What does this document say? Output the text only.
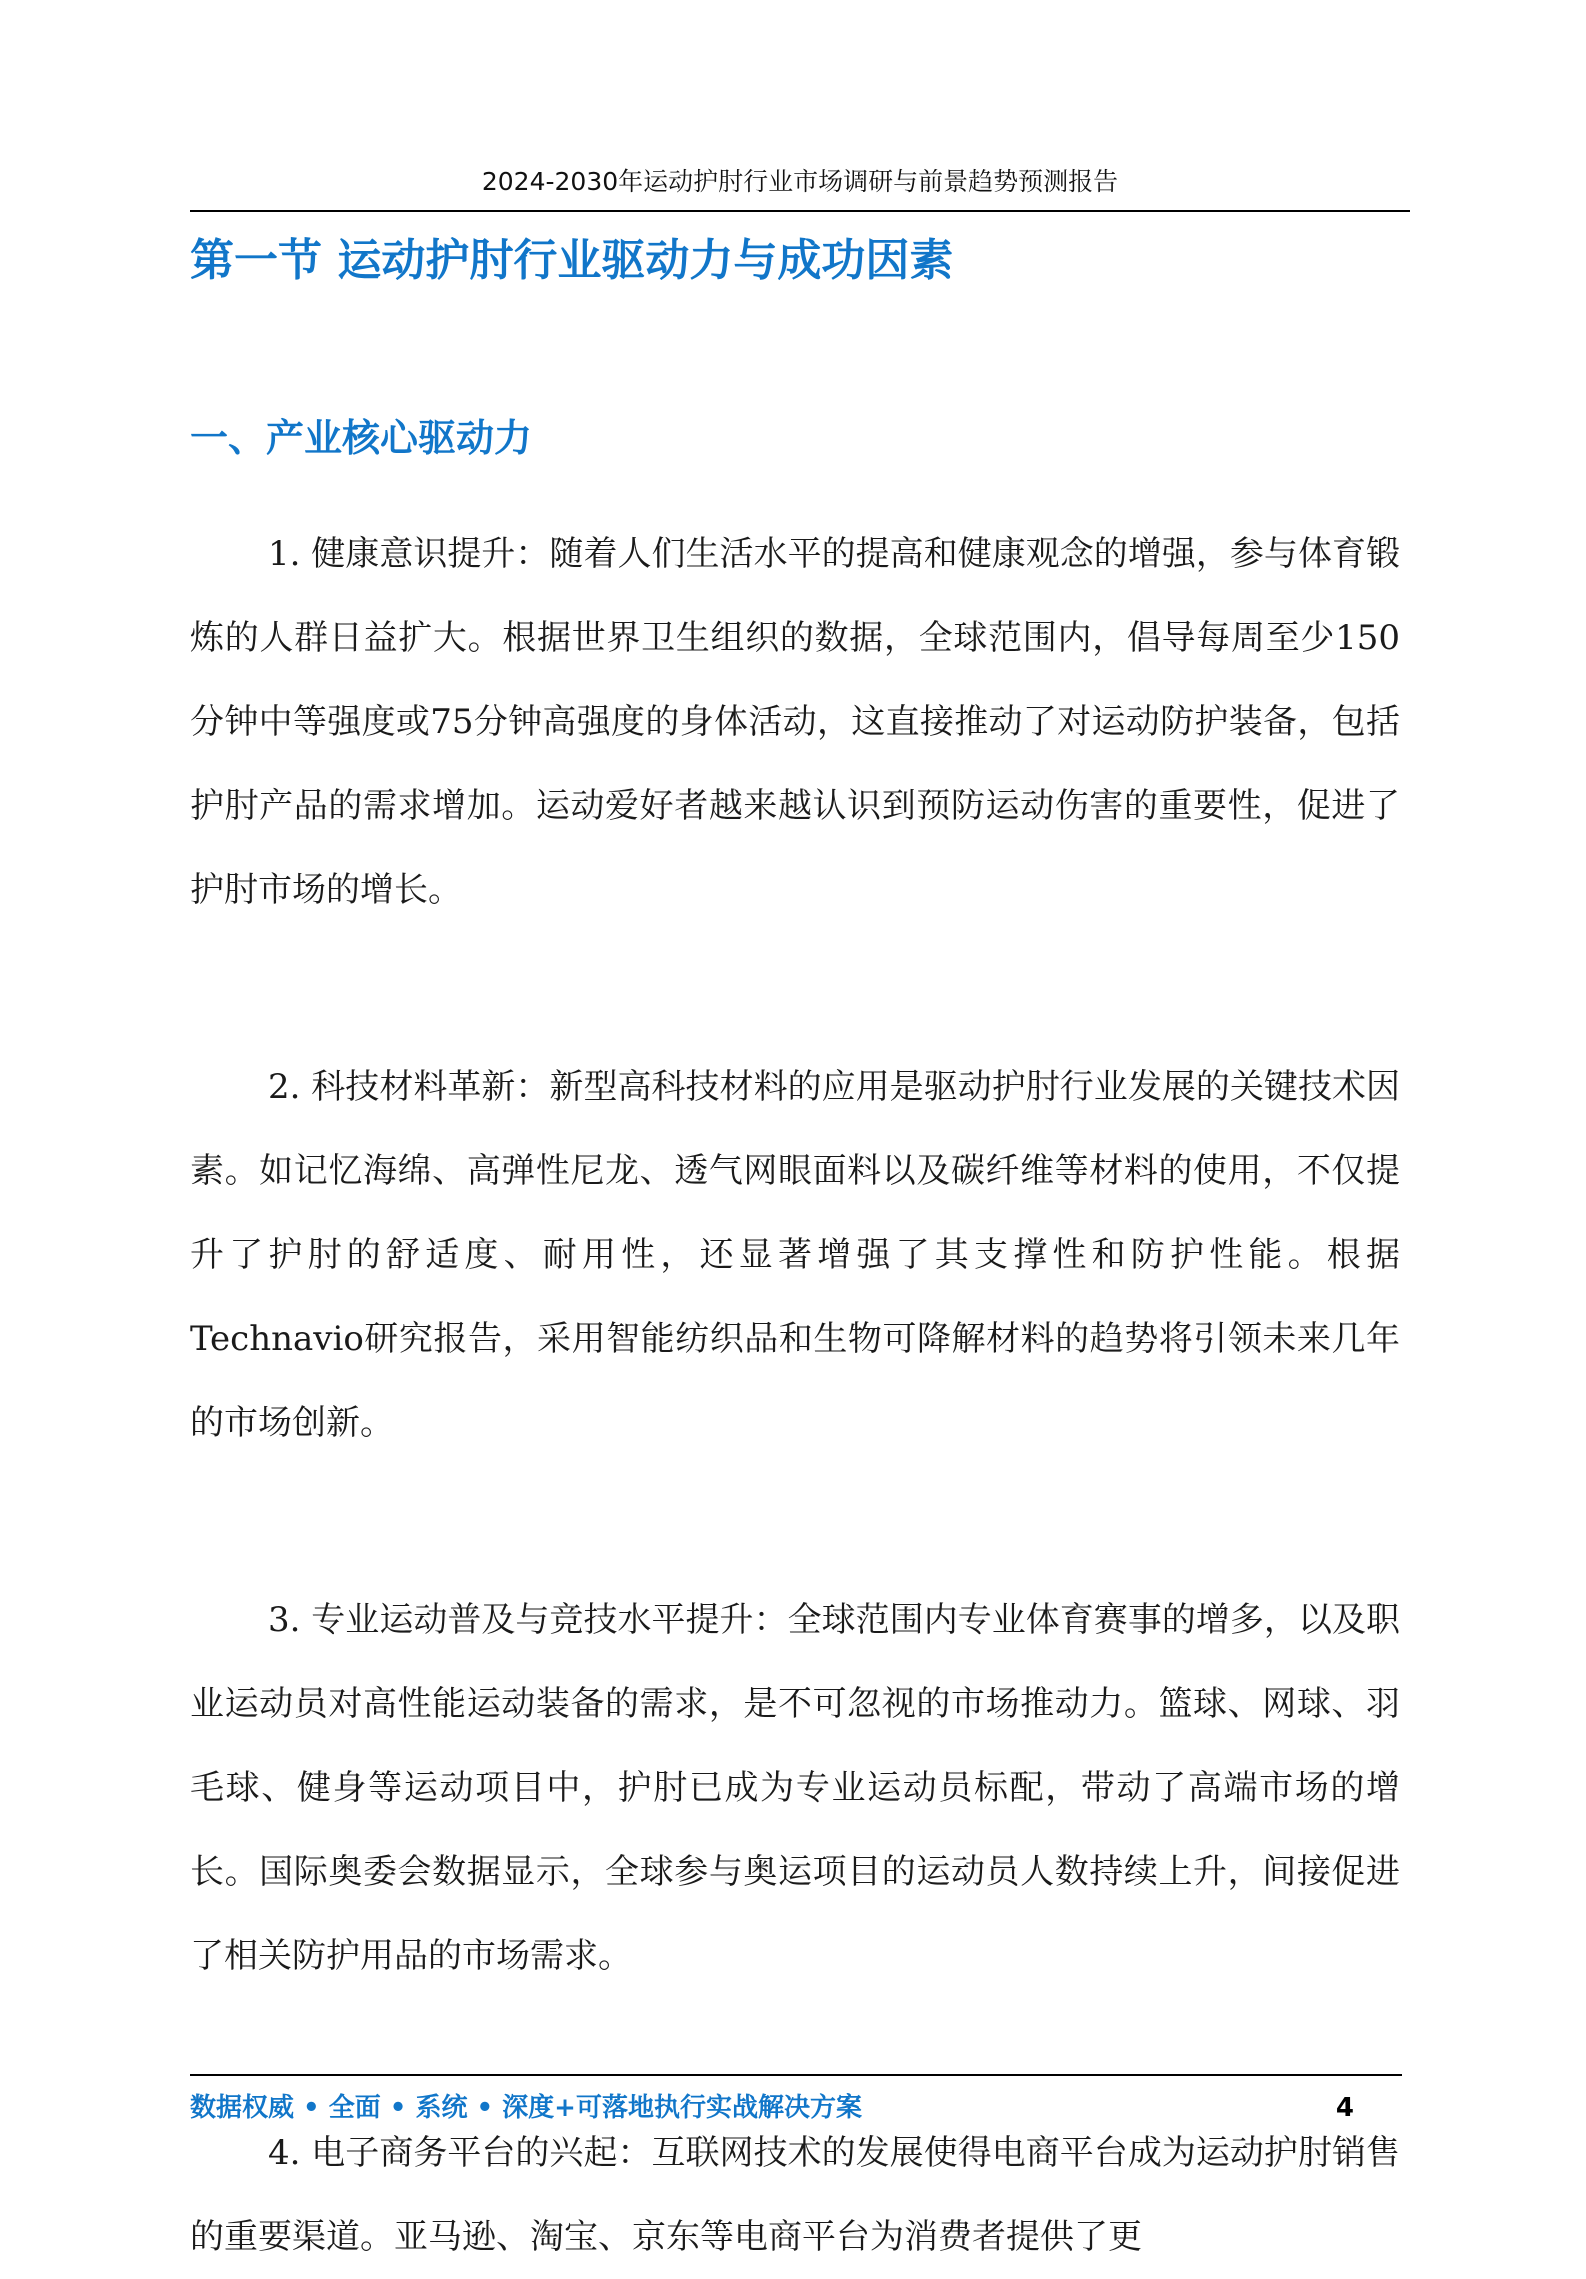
2024-2030年运动护肘行业市场调研与前景趋势预测报告
第一节 运动护肘行业驱动力与成功因素
一、产业核心驱动力

1. 健康意识提升：随着人们生活水平的提高和健康观念的增强，参与体育锻炼的人群日益扩大。根据世界卫生组织的数据，全球范围内，倡导每周至少150分钟中等强度或75分钟高强度的身体活动，这直接推动了对运动防护装备，包括护肘产品的需求增加。运动爱好者越来越认识到预防运动伤害的重要性，促进了护肘市场的增长。

2. 科技材料革新：新型高科技材料的应用是驱动护肘行业发展的关键技术因素。如记忆海绵、高弹性尼龙、透气网眼面料以及碳纤维等材料的使用，不仅提升了护肘的舒适度、耐用性，还显著增强了其支撑性和防护性能。根据Technavio研究报告，采用智能纺织品和生物可降解材料的趋势将引领未来几年的市场创新。

3. 专业运动普及与竞技水平提升：全球范围内专业体育赛事的增多，以及职业运动员对高性能运动装备的需求，是不可忽视的市场推动力。篮球、网球、羽毛球、健身等运动项目中，护肘已成为专业运动员标配，带动了高端市场的增长。国际奥委会数据显示，全球参与奥运项目的运动员人数持续上升，间接促进了相关防护用品的市场需求。

4. 电子商务平台的兴起：互联网技术的发展使得电商平台成为运动护肘销售的重要渠道。亚马逊、淘宝、京东等电商平台为消费者提供了更

数据权威 • 全面 • 系统 • 深度+可落地执行实战解决方案	4
